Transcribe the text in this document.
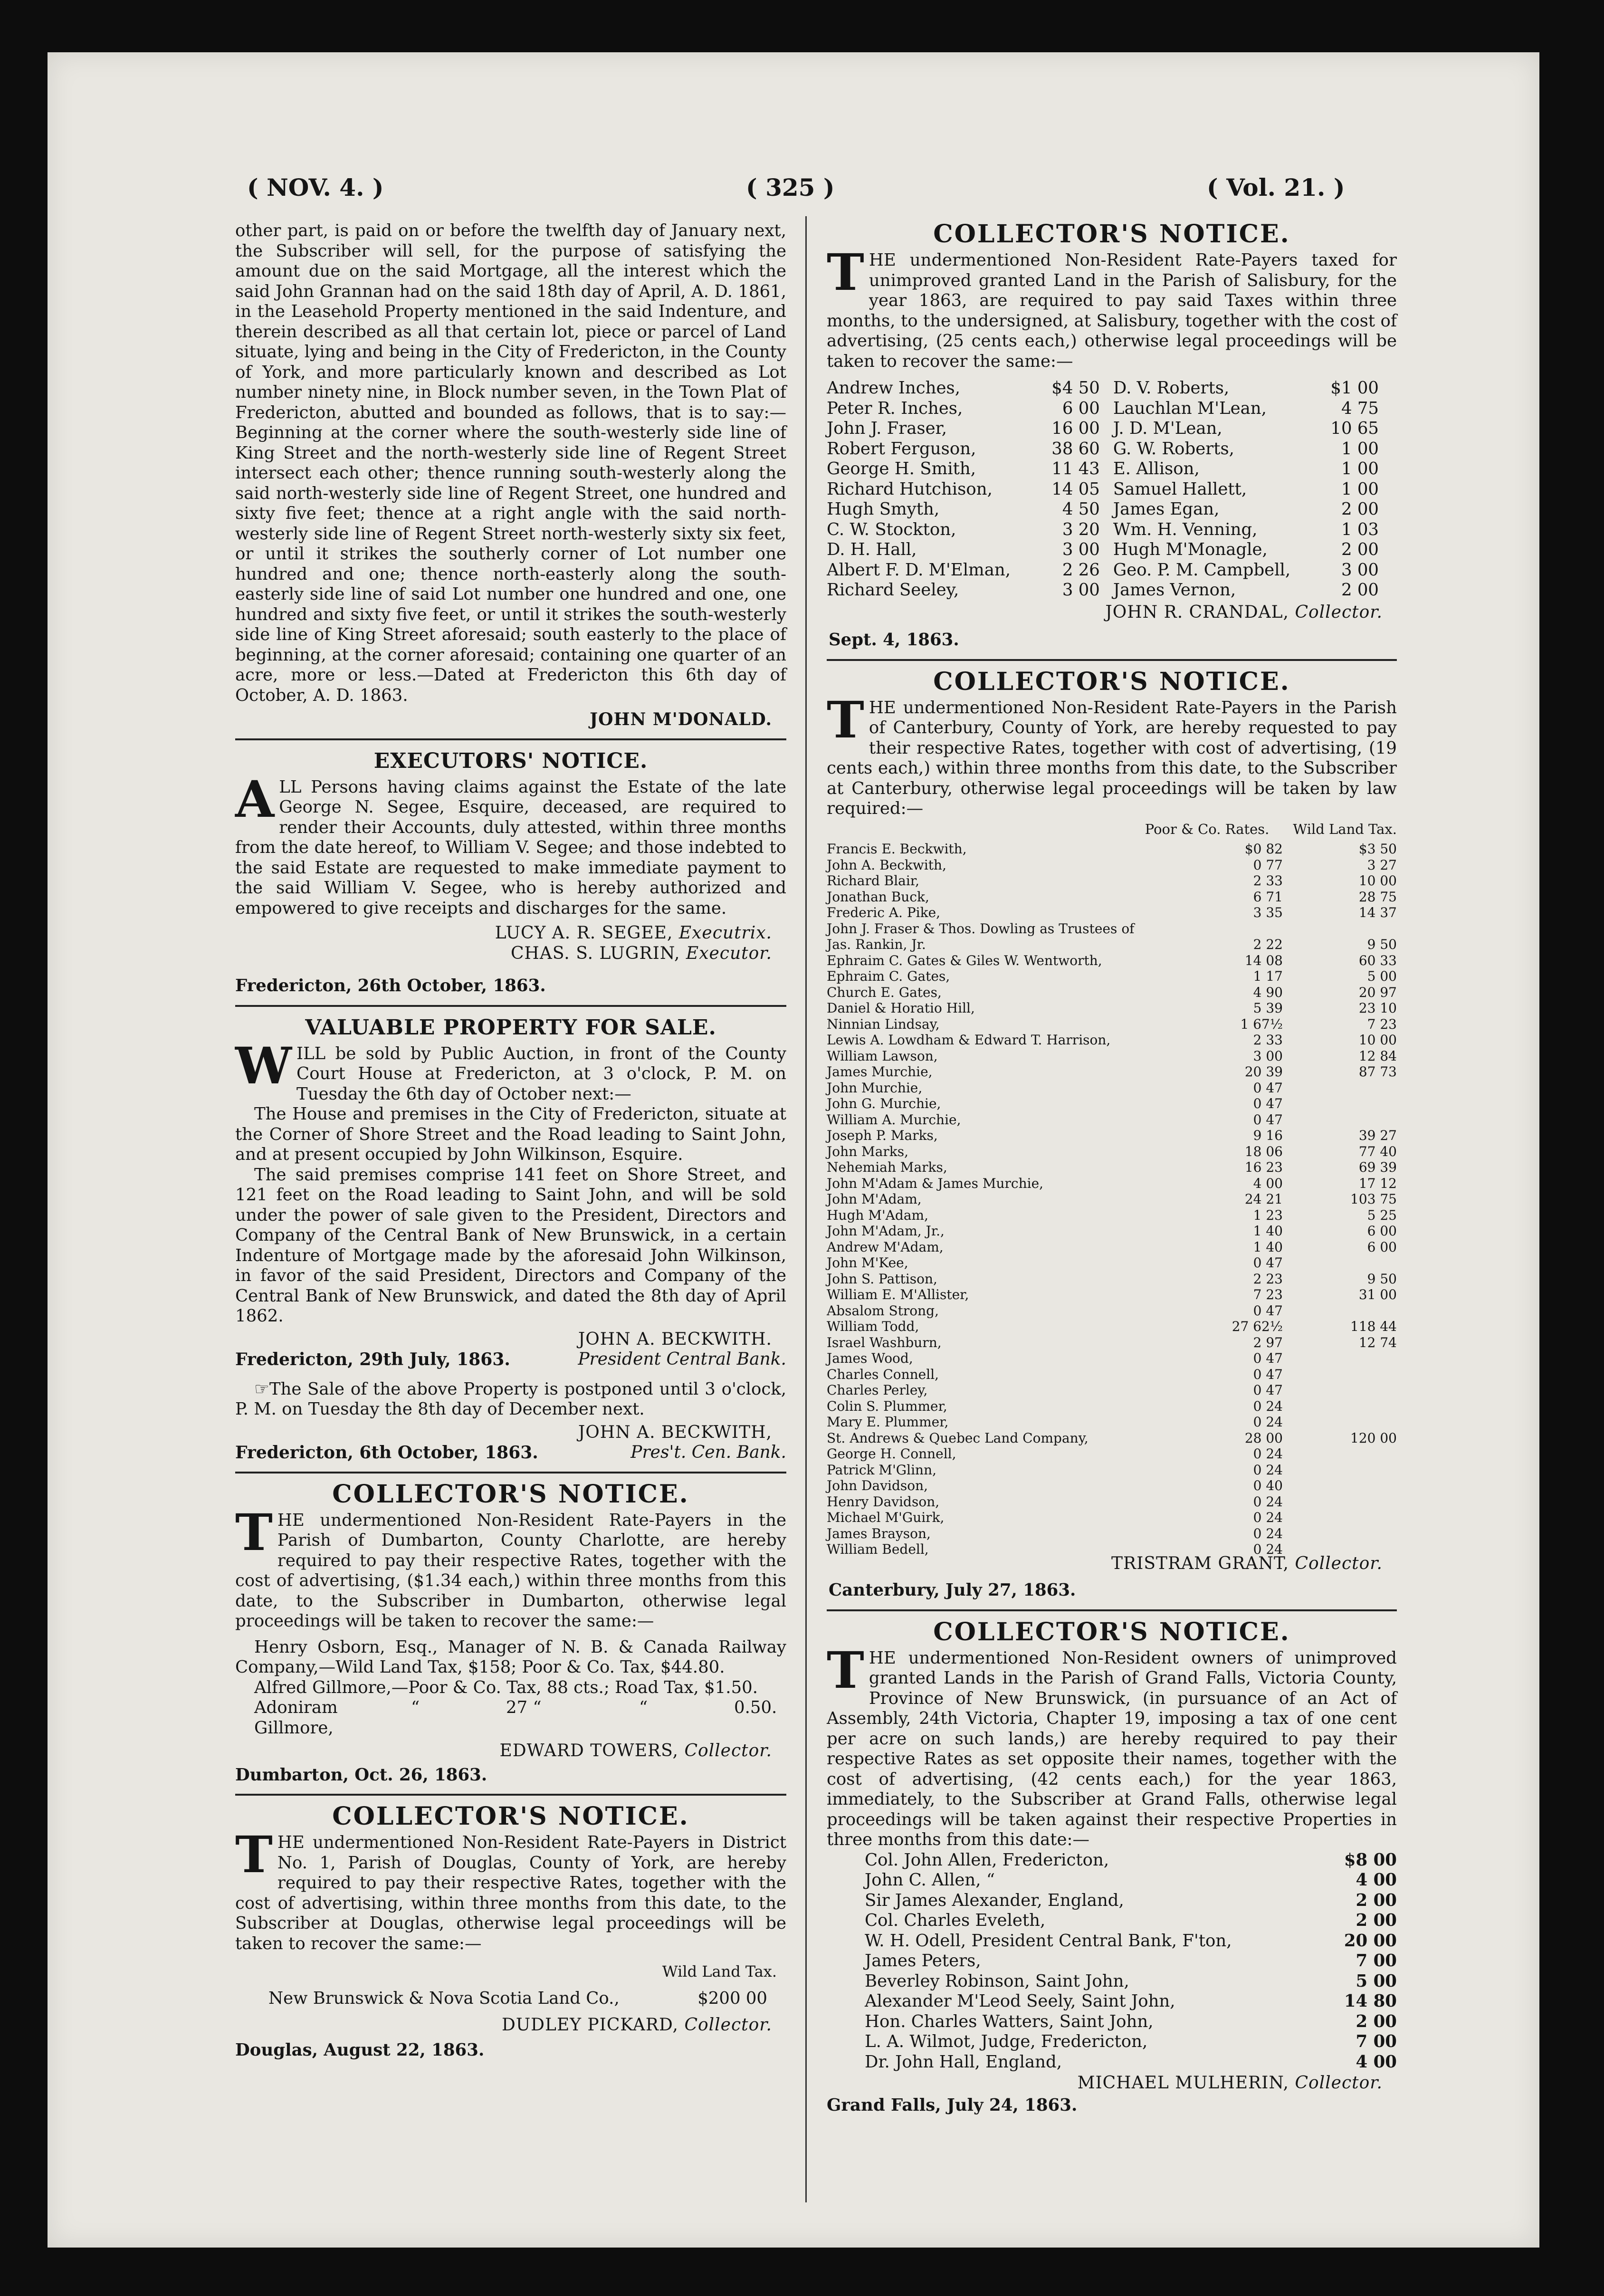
( NOV. 4. )	( 325 )	( Vol. 21. )

other part, is paid on or before the twelfth day of January next, the Subscriber will sell, for the purpose of satisfying the amount due on the said Mortgage, all the interest which the said John Grannan had on the said 18th day of April, A. D. 1861, in the Leasehold Property mentioned in the said Indenture, and therein described as all that certain lot, piece or parcel of Land situate, lying and being in the City of Fredericton, in the County of York, and more particularly known and described as Lot number ninety nine, in Block number seven, in the Town Plat of Fredericton, abutted and bounded as follows, that is to say:—Beginning at the corner where the south-westerly side line of King Street and the north-westerly side line of Regent Street intersect each other; thence running south-westerly along the said north-westerly side line of Regent Street, one hundred and sixty five feet; thence at a right angle with the said north-westerly side line of Regent Street north-westerly sixty six feet, or until it strikes the southerly corner of Lot number one hundred and one; thence north-easterly along the south-easterly side line of said Lot number one hundred and one, one hundred and sixty five feet, or until it strikes the south-westerly side line of King Street aforesaid; south easterly to the place of beginning, at the corner aforesaid; containing one quarter of an acre, more or less.—Dated at Fredericton this 6th day of October, A. D. 1863.

JOHN M'DONALD.
EXECUTORS' NOTICE.

ALL Persons having claims against the Estate of the late George N. Segee, Esquire, deceased, are required to render their Accounts, duly attested, within three months from the date hereof, to William V. Segee; and those indebted to the said Estate are requested to make immediate payment to the said William V. Segee, who is hereby authorized and empowered to give receipts and discharges for the same.

LUCY A. R. SEGEE, Executrix.
CHAS. S. LUGRIN, Executor.
Fredericton, 26th October, 1863.
VALUABLE PROPERTY FOR SALE.

WILL be sold by Public Auction, in front of the County Court House at Fredericton, at 3 o'clock, P. M. on Tuesday the 6th day of October next:—

The House and premises in the City of Fredericton, situate at the Corner of Shore Street and the Road leading to Saint John, and at present occupied by John Wilkinson, Esquire.

The said premises comprise 141 feet on Shore Street, and 121 feet on the Road leading to Saint John, and will be sold under the power of sale given to the President, Directors and Company of the Central Bank of New Brunswick, in a certain Indenture of Mortgage made by the aforesaid John Wilkinson, in favor of the said President, Directors and Company of the Central Bank of New Brunswick, and dated the 8th day of April 1862.

JOHN A. BECKWITH.
Fredericton, 29th July, 1863.	President Central Bank.

☞The Sale of the above Property is postponed until 3 o'clock, P. M. on Tuesday the 8th day of December next.

JOHN A. BECKWITH,
Fredericton, 6th October, 1863.	Pres't. Cen. Bank.
COLLECTOR'S NOTICE.

THE undermentioned Non-Resident Rate-Payers in the Parish of Dumbarton, County Charlotte, are hereby required to pay their respective Rates, together with the cost of advertising, ($1.34 each,) within three months from this date, to the Subscriber in Dumbarton, otherwise legal proceedings will be taken to recover the same:—

Henry Osborn, Esq., Manager of N. B. & Canada Railway Company,—Wild Land Tax, $158; Poor & Co. Tax, $44.80.

Alfred Gillmore,—Poor & Co. Tax, 88 cts.; Road Tax, $1.50.

Adoniram Gillmore,
“	27 “	“	0.50.
EDWARD TOWERS, Collector.
Dumbarton, Oct. 26, 1863.
COLLECTOR'S NOTICE.

THE undermentioned Non-Resident Rate-Payers in District No. 1, Parish of Douglas, County of York, are hereby required to pay their respective Rates, together with the cost of advertising, within three months from this date, to the Subscriber at Douglas, otherwise legal proceedings will be taken to recover the same:—

Wild Land Tax.
New Brunswick & Nova Scotia Land Co.,	$200 00
DUDLEY PICKARD, Collector.
Douglas, August 22, 1863.
COLLECTOR'S NOTICE.

THE undermentioned Non-Resident Rate-Payers taxed for unimproved granted Land in the Parish of Salisbury, for the year 1863, are required to pay said Taxes within three months, to the undersigned, at Salisbury, together with the cost of advertising, (25 cents each,) otherwise legal proceedings will be taken to recover the same:—

Andrew Inches,	$4 50	D. V. Roberts,	$1 00
Peter R. Inches,	6 00	Lauchlan M'Lean,	4 75
John J. Fraser,	16 00	J. D. M'Lean,	10 65
Robert Ferguson,	38 60	G. W. Roberts,	1 00
George H. Smith,	11 43	E. Allison,	1 00
Richard Hutchison,	14 05	Samuel Hallett,	1 00
Hugh Smyth,	4 50	James Egan,	2 00
C. W. Stockton,	3 20	Wm. H. Venning,	1 03
D. H. Hall,	3 00	Hugh M'Monagle,	2 00
Albert F. D. M'Elman,	2 26	Geo. P. M. Campbell,	3 00
Richard Seeley,	3 00	James Vernon,	2 00
JOHN R. CRANDAL, Collector.
Sept. 4, 1863.
COLLECTOR'S NOTICE.

THE undermentioned Non-Resident Rate-Payers in the Parish of Canterbury, County of York, are hereby requested to pay their respective Rates, together with cost of advertising, (19 cents each,) within three months from this date, to the Subscriber at Canterbury, otherwise legal proceedings will be taken by law required:—

Poor & Co. Rates. Wild Land Tax.
Francis E. Beckwith,	$0 82	$3 50
John A. Beckwith,	0 77	3 27
Richard Blair,	2 33	10 00
Jonathan Buck,	6 71	28 75
Frederic A. Pike,	3 35	14 37
John J. Fraser & Thos. Dowling as Trustees of		
Jas. Rankin, Jr.	2 22	9 50
Ephraim C. Gates & Giles W. Wentworth,	14 08	60 33
Ephraim C. Gates,	1 17	5 00
Church E. Gates,	4 90	20 97
Daniel & Horatio Hill,	5 39	23 10
Ninnian Lindsay,	1 67½	7 23
Lewis A. Lowdham & Edward T. Harrison,	2 33	10 00
William Lawson,	3 00	12 84
James Murchie,	20 39	87 73
John Murchie,	0 47	
John G. Murchie,	0 47	
William A. Murchie,	0 47	
Joseph P. Marks,	9 16	39 27
John Marks,	18 06	77 40
Nehemiah Marks,	16 23	69 39
John M'Adam & James Murchie,	4 00	17 12
John M'Adam,	24 21	103 75
Hugh M'Adam,	1 23	5 25
John M'Adam, Jr.,	1 40	6 00
Andrew M'Adam,	1 40	6 00
John M'Kee,	0 47	
John S. Pattison,	2 23	9 50
William E. M'Allister,	7 23	31 00
Absalom Strong,	0 47	
William Todd,	27 62½	118 44
Israel Washburn,	2 97	12 74
James Wood,	0 47	
Charles Connell,	0 47	
Charles Perley,	0 47	
Colin S. Plummer,	0 24	
Mary E. Plummer,	0 24	
St. Andrews & Quebec Land Company,	28 00	120 00
George H. Connell,	0 24	
Patrick M'Glinn,	0 24	
John Davidson,	0 40	
Henry Davidson,	0 24	
Michael M'Guirk,	0 24	
James Brayson,	0 24	
William Bedell,	0 24	
TRISTRAM GRANT, Collector.
Canterbury, July 27, 1863.
COLLECTOR'S NOTICE.

THE undermentioned Non-Resident owners of unimproved granted Lands in the Parish of Grand Falls, Victoria County, Province of New Brunswick, (in pursuance of an Act of Assembly, 24th Victoria, Chapter 19, imposing a tax of one cent per acre on such lands,) are hereby required to pay their respective Rates as set opposite their names, together with the cost of advertising, (42 cents each,) for the year 1863, immediately, to the Subscriber at Grand Falls, otherwise legal proceedings will be taken against their respective Properties in three months from this date:—

Col. John Allen, Fredericton,	$8 00
John C. Allen, “	4 00
Sir James Alexander, England,	2 00
Col. Charles Eveleth,	2 00
W. H. Odell, President Central Bank, F'ton,	20 00
James Peters,	7 00
Beverley Robinson, Saint John,	5 00
Alexander M'Leod Seely, Saint John,	14 80
Hon. Charles Watters, Saint John,	2 00
L. A. Wilmot, Judge, Fredericton,	7 00
Dr. John Hall, England,	4 00
MICHAEL MULHERIN, Collector.
Grand Falls, July 24, 1863.
